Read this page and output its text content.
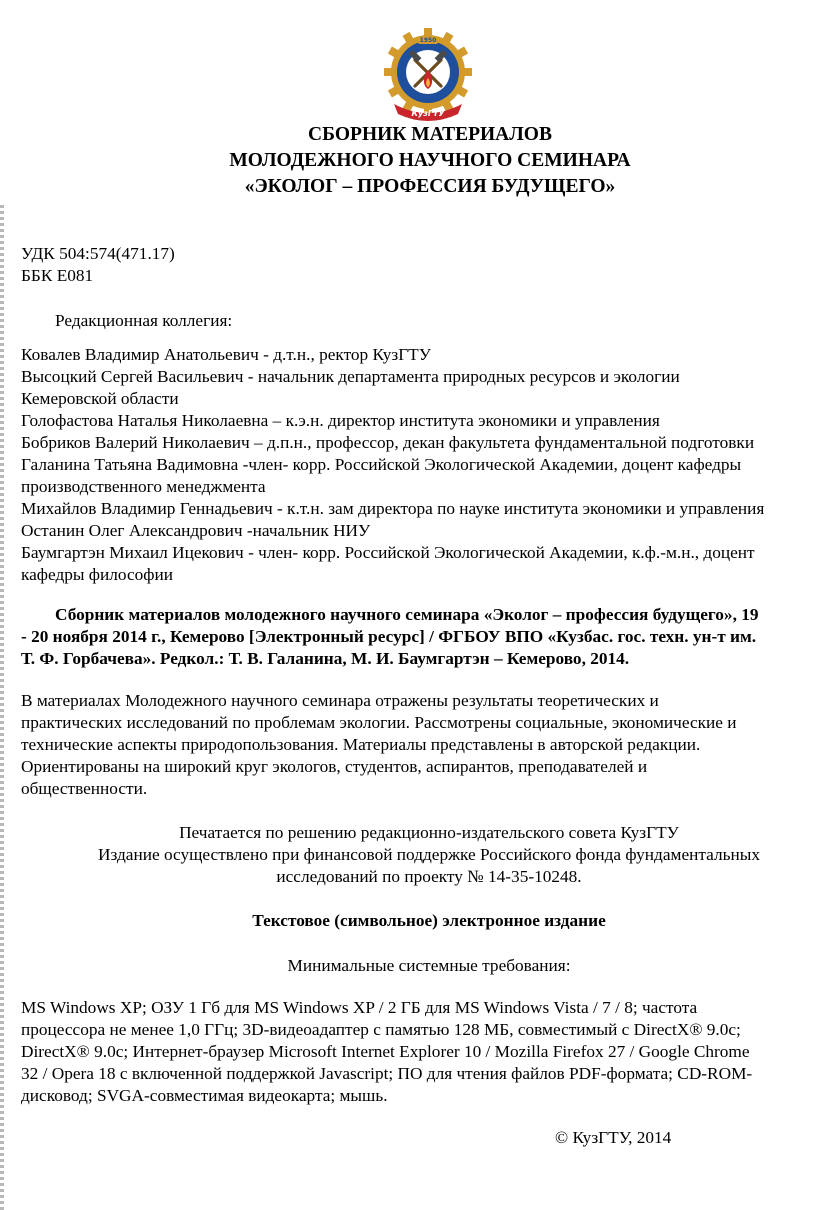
1950
КузГТУ
СБОРНИК МАТЕРИАЛОВ
МОЛОДЕЖНОГО НАУЧНОГО СЕМИНАРА
«ЭКОЛОГ – ПРОФЕССИЯ БУДУЩЕГО»
УДК 504:574(471.17)
ББК Е081
Редакционная коллегия:
Ковалев Владимир Анатольевич - д.т.н., ректор КузГТУ
Высоцкий Сергей Васильевич - начальник департамента природных ресурсов и экологии
Кемеровской области
Голофастова Наталья Николаевна – к.э.н. директор института экономики и управления
Бобриков Валерий Николаевич – д.п.н., профессор, декан факультета фундаментальной подготовки
Галанина Татьяна Вадимовна -член- корр. Российской Экологической Академии, доцент кафедры
производственного менеджмента
Михайлов Владимир Геннадьевич - к.т.н. зам директора по науке института экономики и управления
Останин Олег Александрович -начальник НИУ
Баумгартэн Михаил Ицекович - член- корр. Российской Экологической Академии, к.ф.-м.н., доцент
кафедры философии
Сборник материалов молодежного научного семинара «Эколог – профессия будущего», 19
- 20 ноября 2014 г., Кемерово [Электронный ресурс] / ФГБОУ ВПО «Кузбас. гос. техн. ун-т им.
Т. Ф. Горбачева». Редкол.: Т. В. Галанина, М. И. Баумгартэн – Кемерово, 2014.
В материалах Молодежного научного семинара отражены результаты теоретических и
практических исследований по проблемам экологии. Рассмотрены социальные, экономические и
технические аспекты природопользования. Материалы представлены в авторской редакции.
Ориентированы на широкий круг экологов, студентов, аспирантов, преподавателей и
общественности.
Печатается по решению редакционно-издательского совета КузГТУ
Издание осуществлено при финансовой поддержке Российского фонда фундаментальных
исследований по проекту № 14-35-10248.
Текстовое (символьное) электронное издание
Минимальные системные требования:
MS Windows XP; ОЗУ 1 Гб для MS Windows XP / 2 ГБ для MS Windows Vista / 7 / 8; частота
процессора не менее 1,0 ГГц; 3D-видеоадаптер с памятью 128 МБ, совместимый с DirectX® 9.0с;
DirectX® 9.0с; Интернет-браузер Microsoft Internet Explorer 10 / Mozilla Firefox 27 / Google Chrome
32 / Opera 18 с включенной поддержкой Javascript; ПО для чтения файлов PDF-формата; CD-ROM-
дисковод; SVGA-совместимая видеокарта; мышь.
© КузГТУ, 2014
